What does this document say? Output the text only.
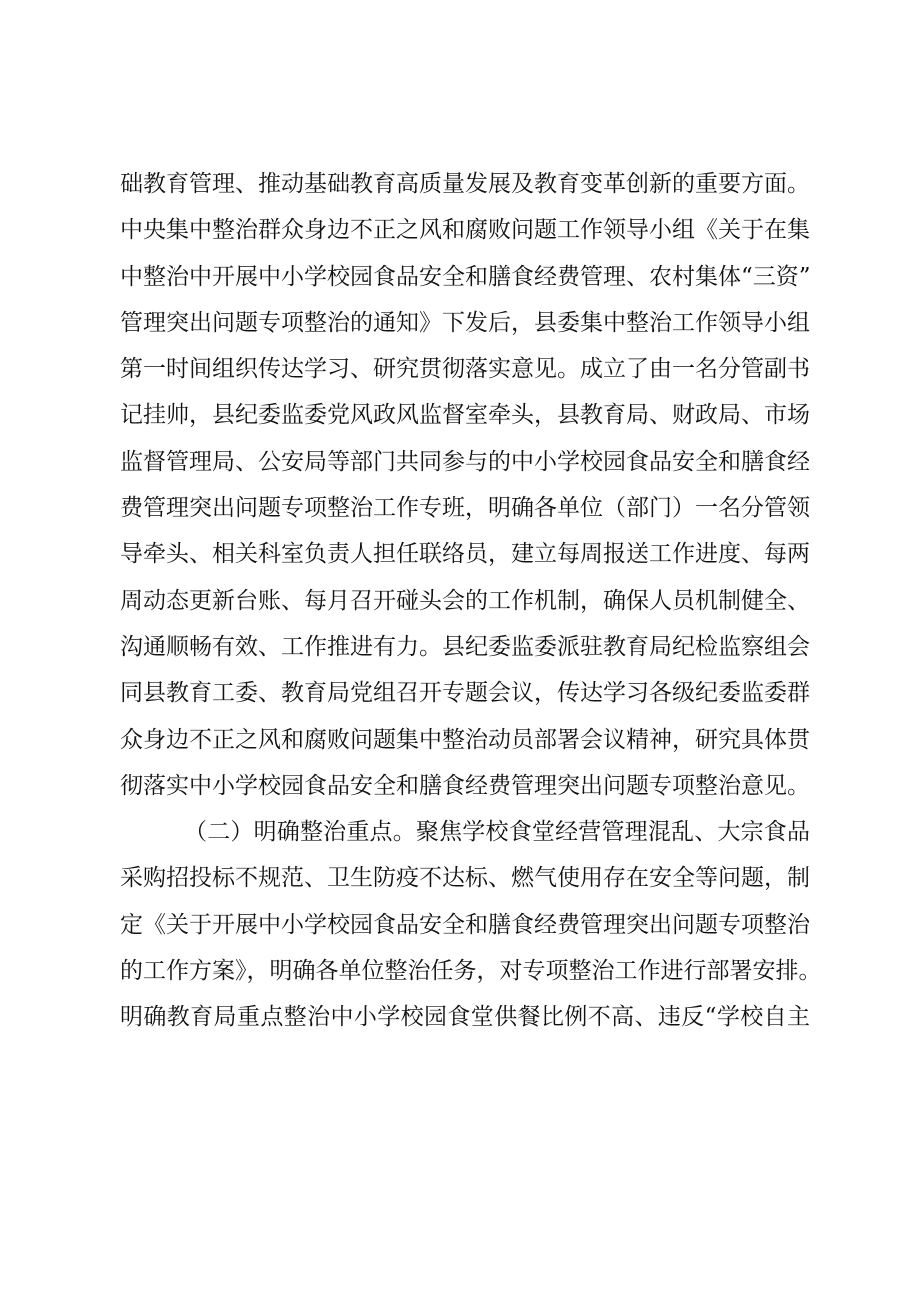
础教育管理、推动基础教育高质量发展及教育变革创新的重要方面。
中央集中整治群众身边不正之风和腐败问题工作领导小组《关于在集
中整治中开展中小学校园食品安全和膳食经费管理、农村集体“三资”
管理突出问题专项整治的通知》下发后，县委集中整治工作领导小组
第一时间组织传达学习、研究贯彻落实意见。成立了由一名分管副书
记挂帅，县纪委监委党风政风监督室牵头，县教育局、财政局、市场
监督管理局、公安局等部门共同参与的中小学校园食品安全和膳食经
费管理突出问题专项整治工作专班，明确各单位（部门）一名分管领
导牵头、相关科室负责人担任联络员，建立每周报送工作进度、每两
周动态更新台账、每月召开碰头会的工作机制，确保人员机制健全、
沟通顺畅有效、工作推进有力。县纪委监委派驻教育局纪检监察组会
同县教育工委、教育局党组召开专题会议，传达学习各级纪委监委群
众身边不正之风和腐败问题集中整治动员部署会议精神，研究具体贯
彻落实中小学校园食品安全和膳食经费管理突出问题专项整治意见。
（二）明确整治重点。聚焦学校食堂经营管理混乱、大宗食品
采购招投标不规范、卫生防疫不达标、燃气使用存在安全等问题，制
定《关于开展中小学校园食品安全和膳食经费管理突出问题专项整治
的工作方案》，明确各单位整治任务，对专项整治工作进行部署安排。
明确教育局重点整治中小学校园食堂供餐比例不高、违反“学校自主
